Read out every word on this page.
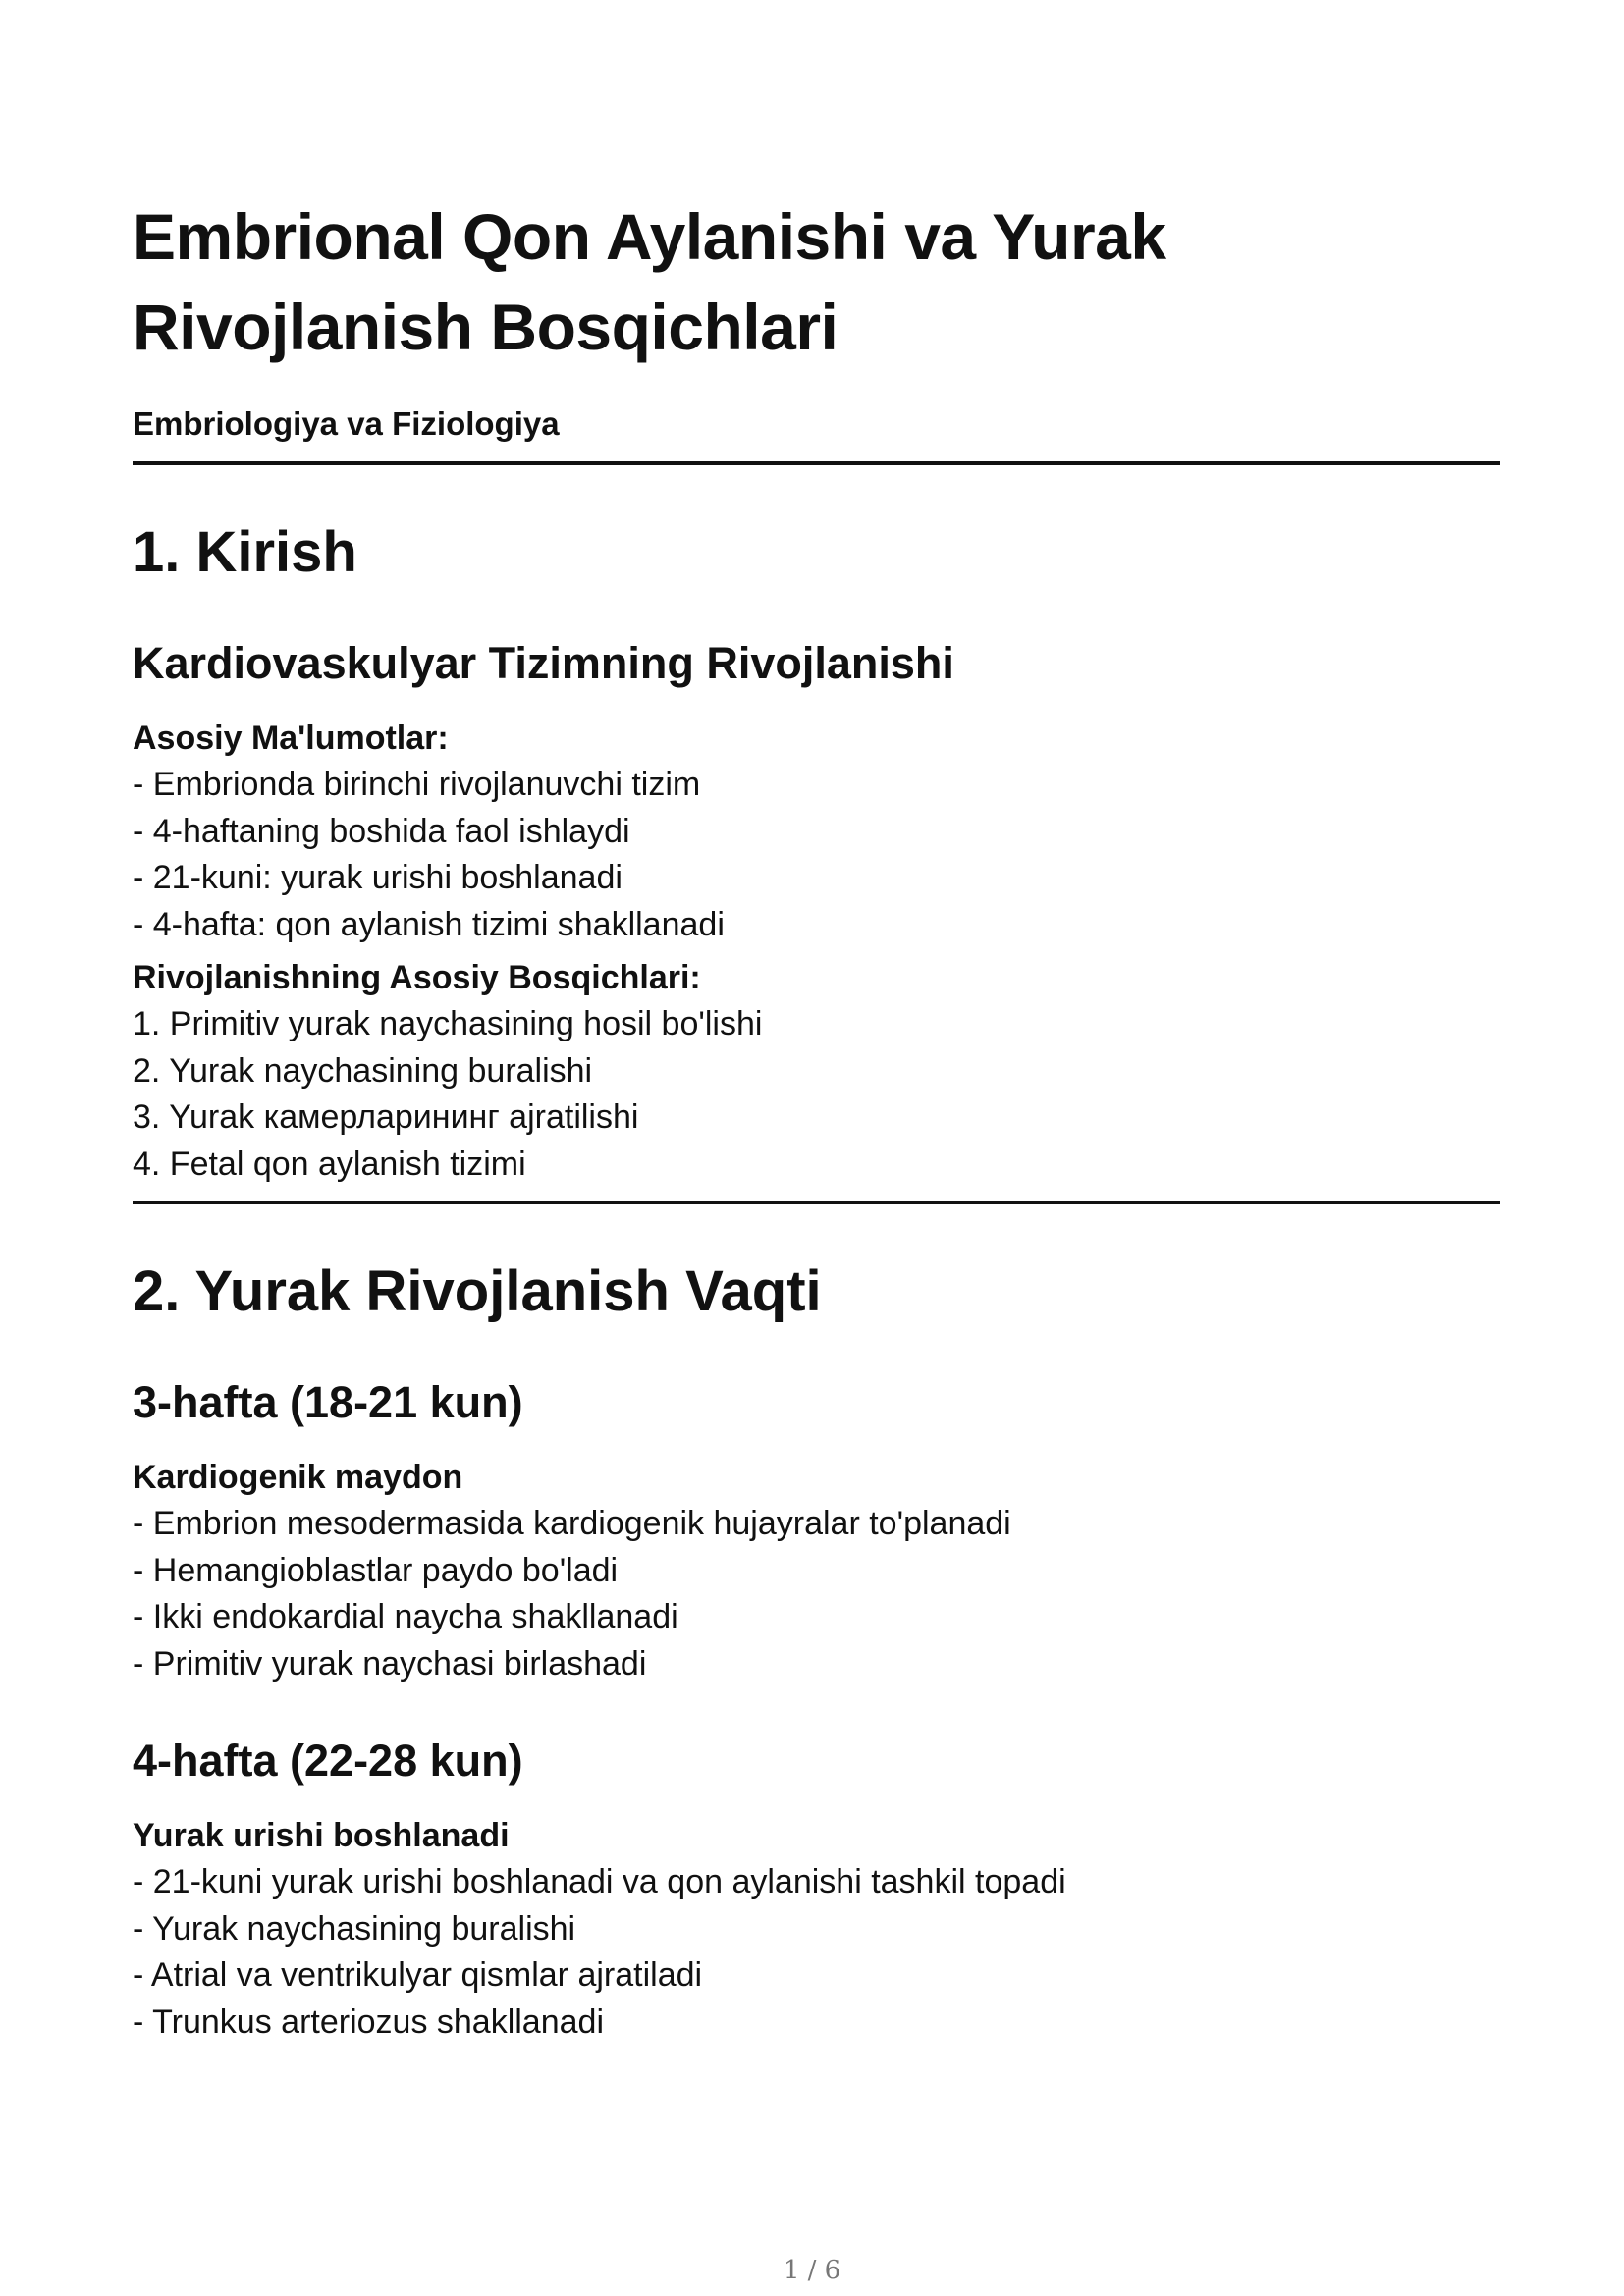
Embrional Qon Aylanishi va Yurak
Rivojlanish Bosqichlari

Embriologiya va Fiziologiya

1. Kirish
Kardiovaskulyar Tizimning Rivojlanishi

Asosiy Ma'lumotlar:

- Embrionda birinchi rivojlanuvchi tizim

- 4-haftaning boshida faol ishlaydi

- 21-kuni: yurak urishi boshlanadi

- 4-hafta: qon aylanish tizimi shakllanadi

Rivojlanishning Asosiy Bosqichlari:

1. Primitiv yurak naychasining hosil bo'lishi

2. Yurak naychasining buralishi

3. Yurak камерларининг ajratilishi

4. Fetal qon aylanish tizimi

2. Yurak Rivojlanish Vaqti
3-hafta (18-21 kun)

Kardiogenik maydon

- Embrion mesodermasida kardiogenik hujayralar to'planadi

- Hemangioblastlar paydo bo'ladi

- Ikki endokardial naycha shakllanadi

- Primitiv yurak naychasi birlashadi

4-hafta (22-28 kun)

Yurak urishi boshlanadi

- 21-kuni yurak urishi boshlanadi va qon aylanishi tashkil topadi

- Yurak naychasining buralishi

- Atrial va ventrikulyar qismlar ajratiladi

- Trunkus arteriozus shakllanadi

1 / 6
